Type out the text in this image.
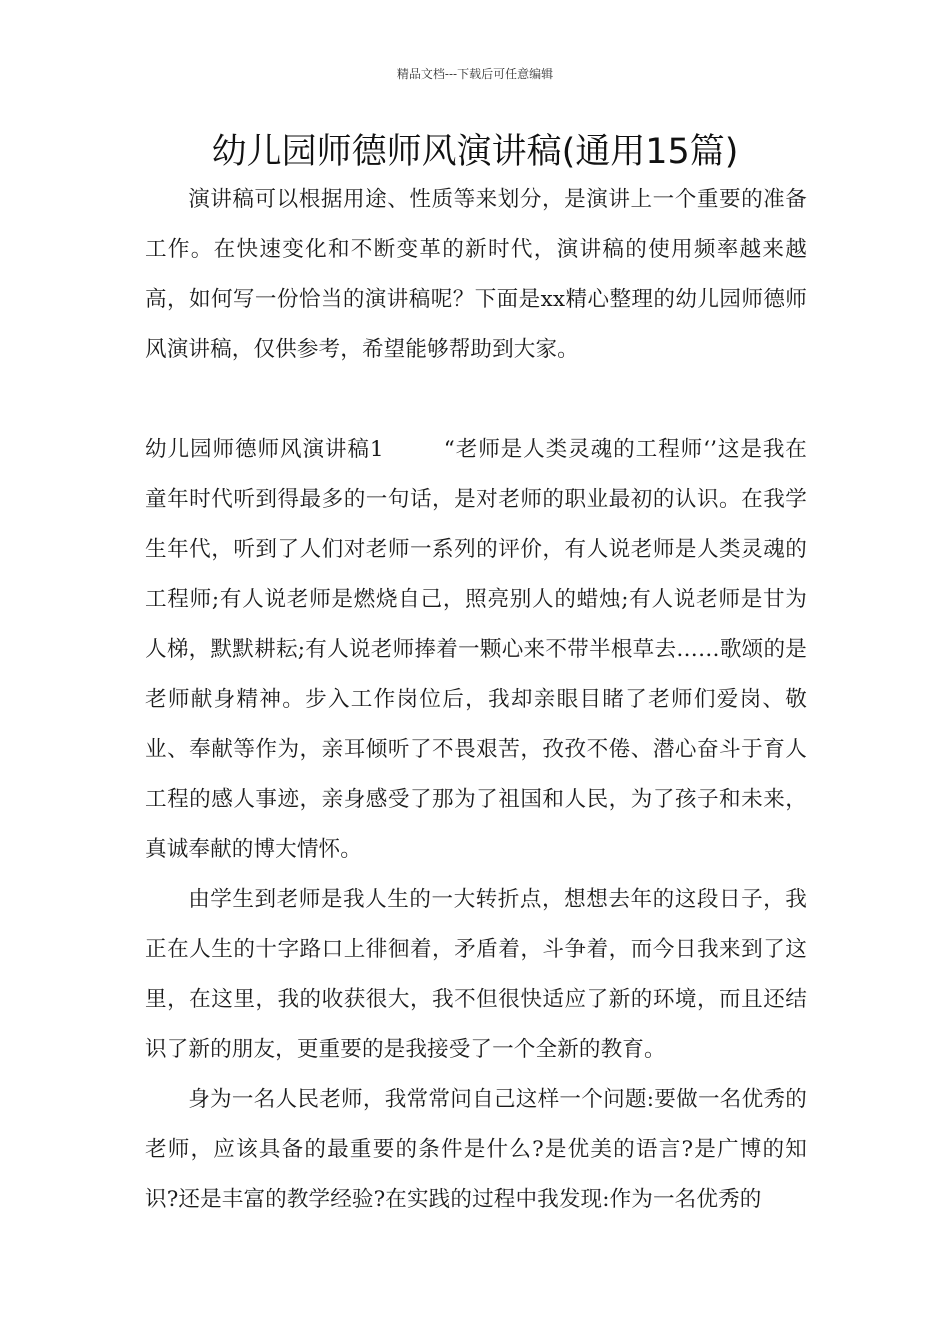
精品文档---下载后可任意编辑
幼儿园师德师风演讲稿(通用15篇)

演讲稿可以根据用途、性质等来划分，是演讲上一个重要的准备工作。在快速变化和不断变革的新时代，演讲稿的使用频率越来越高，如何写一份恰当的演讲稿呢？下面是xx精心整理的幼儿园师德师风演讲稿，仅供参考，希望能够帮助到大家。

幼儿园师德师风演讲稿1	“老师是人类灵魂的工程师‘’这是我在童年时代听到得最多的一句话，是对老师的职业最初的认识。在我学生年代，听到了人们对老师一系列的评价，有人说老师是人类灵魂的工程师;有人说老师是燃烧自己，照亮别人的蜡烛;有人说老师是甘为人梯，默默耕耘;有人说老师捧着一颗心来不带半根草去……歌颂的是老师献身精神。步入工作岗位后，我却亲眼目睹了老师们爱岗、敬业、奉献等作为，亲耳倾听了不畏艰苦，孜孜不倦、潜心奋斗于育人工程的感人事迹，亲身感受了那为了祖国和人民，为了孩子和未来，真诚奉献的博大情怀。

由学生到老师是我人生的一大转折点，想想去年的这段日子，我正在人生的十字路口上徘徊着，矛盾着，斗争着，而今日我来到了这里，在这里，我的收获很大，我不但很快适应了新的环境，而且还结识了新的朋友，更重要的是我接受了一个全新的教育。

身为一名人民老师，我常常问自己这样一个问题:要做一名优秀的老师，应该具备的最重要的条件是什么?是优美的语言?是广博的知识?还是丰富的教学经验?在实践的过程中我发现:作为一名优秀的
